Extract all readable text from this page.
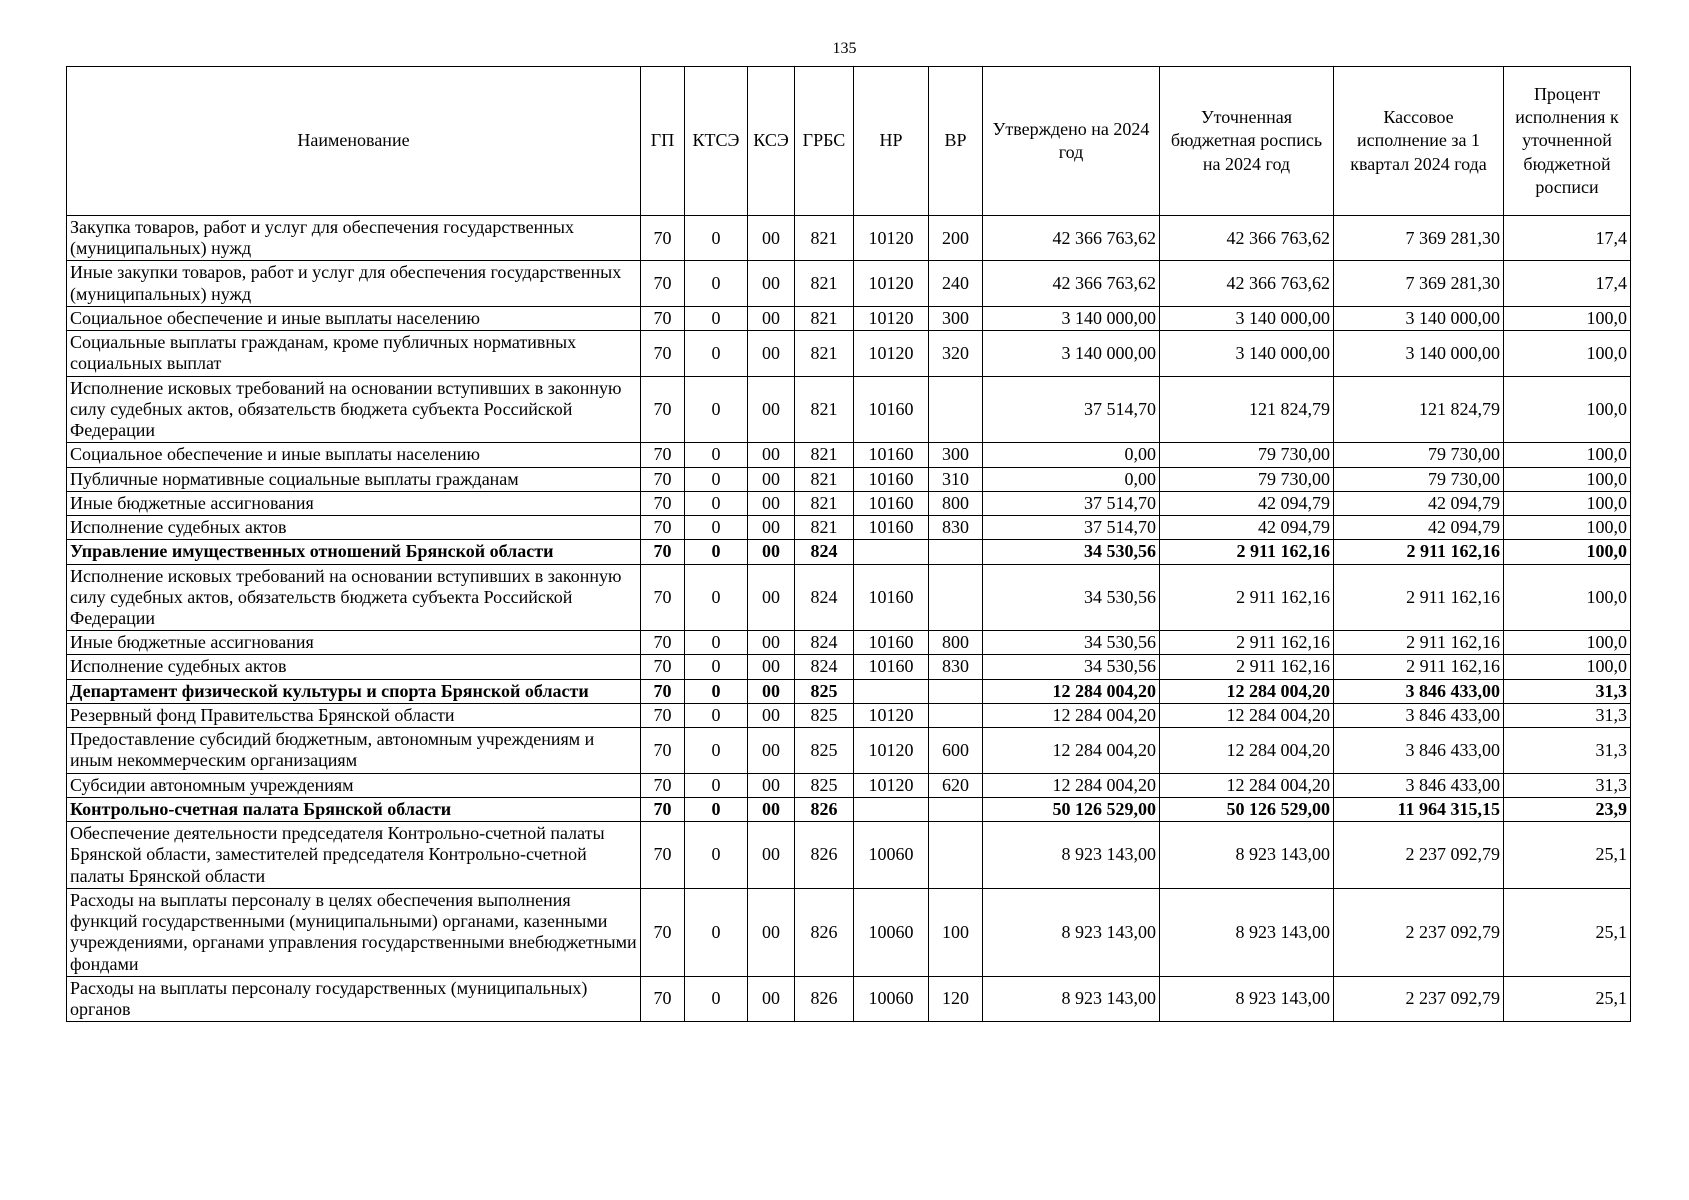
135
Наименование	ГП	КТСЭ	КСЭ	ГРБС	НР	ВР	Утверждено на 2024 год	Уточненная бюджетная роспись на 2024 год	Кассовое исполнение за 1 квартал 2024 года	Процент исполнения к уточненной бюджетной росписи
Закупка товаров, работ и услуг для обеспечения государственных (муниципальных) нужд	70	0	00	821	10120	200	42 366 763,62	42 366 763,62	7 369 281,30	17,4
Иные закупки товаров, работ и услуг для обеспечения государственных (муниципальных) нужд	70	0	00	821	10120	240	42 366 763,62	42 366 763,62	7 369 281,30	17,4
Социальное обеспечение и иные выплаты населению	70	0	00	821	10120	300	3 140 000,00	3 140 000,00	3 140 000,00	100,0
Социальные выплаты гражданам, кроме публичных нормативных социальных выплат	70	0	00	821	10120	320	3 140 000,00	3 140 000,00	3 140 000,00	100,0
Исполнение исковых требований на основании вступивших в законную силу судебных актов, обязательств бюджета субъекта Российской Федерации	70	0	00	821	10160		37 514,70	121 824,79	121 824,79	100,0
Социальное обеспечение и иные выплаты населению	70	0	00	821	10160	300	0,00	79 730,00	79 730,00	100,0
Публичные нормативные социальные выплаты гражданам	70	0	00	821	10160	310	0,00	79 730,00	79 730,00	100,0
Иные бюджетные ассигнования	70	0	00	821	10160	800	37 514,70	42 094,79	42 094,79	100,0
Исполнение судебных актов	70	0	00	821	10160	830	37 514,70	42 094,79	42 094,79	100,0
Управление имущественных отношений Брянской области	70	0	00	824			34 530,56	2 911 162,16	2 911 162,16	100,0
Исполнение исковых требований на основании вступивших в законную силу судебных актов, обязательств бюджета субъекта Российской Федерации	70	0	00	824	10160		34 530,56	2 911 162,16	2 911 162,16	100,0
Иные бюджетные ассигнования	70	0	00	824	10160	800	34 530,56	2 911 162,16	2 911 162,16	100,0
Исполнение судебных актов	70	0	00	824	10160	830	34 530,56	2 911 162,16	2 911 162,16	100,0
Департамент физической культуры и спорта Брянской области	70	0	00	825			12 284 004,20	12 284 004,20	3 846 433,00	31,3
Резервный фонд Правительства Брянской области	70	0	00	825	10120		12 284 004,20	12 284 004,20	3 846 433,00	31,3
Предоставление субсидий бюджетным, автономным учреждениям и иным некоммерческим организациям	70	0	00	825	10120	600	12 284 004,20	12 284 004,20	3 846 433,00	31,3
Субсидии автономным учреждениям	70	0	00	825	10120	620	12 284 004,20	12 284 004,20	3 846 433,00	31,3
Контрольно-счетная палата Брянской области	70	0	00	826			50 126 529,00	50 126 529,00	11 964 315,15	23,9
Обеспечение деятельности председателя Контрольно-счетной палаты Брянской области, заместителей председателя Контрольно-счетной палаты Брянской области	70	0	00	826	10060		8 923 143,00	8 923 143,00	2 237 092,79	25,1
Расходы на выплаты персоналу в целях обеспечения выполнения функций государственными (муниципальными) органами, казенными учреждениями, органами управления государственными внебюджетными фондами	70	0	00	826	10060	100	8 923 143,00	8 923 143,00	2 237 092,79	25,1
Расходы на выплаты персоналу государственных (муниципальных) органов	70	0	00	826	10060	120	8 923 143,00	8 923 143,00	2 237 092,79	25,1
